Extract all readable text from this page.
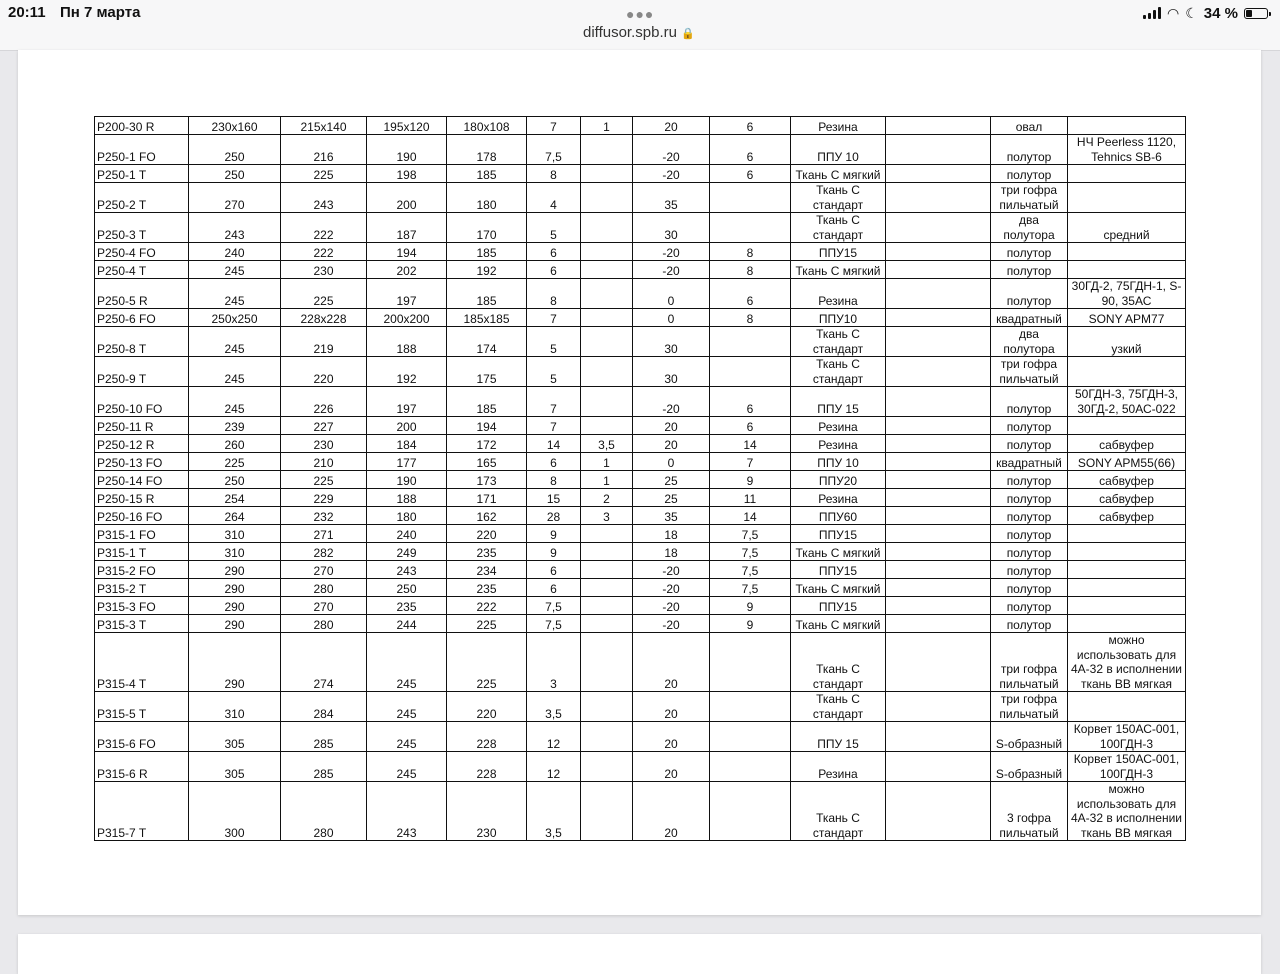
20:11 Пн 7 марта	●●●
diffusor.spb.ru 🔒
◠ ☾ 34 %
P200-30 R	230x160	215x140	195x120	180x108	7	1	20	6	Резина		овал	
P250-1 FO	250	216	190	178	7,5		-20	6	ППУ 10		полутор	НЧ Peerless 1120, Tehnics SB-6
P250-1 T	250	225	198	185	8		-20	6	Ткань С мягкий		полутор	
P250-2 T	270	243	200	180	4		35		Ткань С стандарт		три гофра пильчатый	
P250-3 T	243	222	187	170	5		30		Ткань С стандарт		два полутора	средний
P250-4 FO	240	222	194	185	6		-20	8	ППУ15		полутор	
P250-4 T	245	230	202	192	6		-20	8	Ткань С мягкий		полутор	
P250-5 R	245	225	197	185	8		0	6	Резина		полутор	30ГД-2, 75ГДН-1, S-90, 35АС
P250-6 FO	250x250	228x228	200x200	185x185	7		0	8	ППУ10		квадратный	SONY APM77
P250-8 T	245	219	188	174	5		30		Ткань С стандарт		два полутора	узкий
P250-9 T	245	220	192	175	5		30		Ткань С стандарт		три гофра пильчатый	
P250-10 FO	245	226	197	185	7		-20	6	ППУ 15		полутор	50ГДН-3, 75ГДН-3, 30ГД-2, 50АС-022
P250-11 R	239	227	200	194	7		20	6	Резина		полутор	
P250-12 R	260	230	184	172	14	3,5	20	14	Резина		полутор	сабвуфер
P250-13 FO	225	210	177	165	6	1	0	7	ППУ 10		квадратный	SONY APM55(66)
P250-14 FO	250	225	190	173	8	1	25	9	ППУ20		полутор	сабвуфер
P250-15 R	254	229	188	171	15	2	25	11	Резина		полутор	сабвуфер
P250-16 FO	264	232	180	162	28	3	35	14	ППУ60		полутор	сабвуфер
P315-1 FO	310	271	240	220	9		18	7,5	ППУ15		полутор	
P315-1 T	310	282	249	235	9		18	7,5	Ткань С мягкий		полутор	
P315-2 FO	290	270	243	234	6		-20	7,5	ППУ15		полутор	
P315-2 T	290	280	250	235	6		-20	7,5	Ткань С мягкий		полутор	
P315-3 FO	290	270	235	222	7,5		-20	9	ППУ15		полутор	
P315-3 T	290	280	244	225	7,5		-20	9	Ткань С мягкий		полутор	
P315-4 T	290	274	245	225	3		20		Ткань С стандарт		три гофра пильчатый	можно использовать для 4А-32 в исполнении ткань ВВ мягкая
P315-5 T	310	284	245	220	3,5		20		Ткань С стандарт		три гофра пильчатый	
P315-6 FO	305	285	245	228	12		20		ППУ 15		S-образный	Корвет 150АС-001, 100ГДН-3
P315-6 R	305	285	245	228	12		20		Резина		S-образный	Корвет 150АС-001, 100ГДН-3
P315-7 T	300	280	243	230	3,5		20		Ткань С стандарт		3 гофра пильчатый	можно использовать для 4А-32 в исполнении ткань ВВ мягкая
